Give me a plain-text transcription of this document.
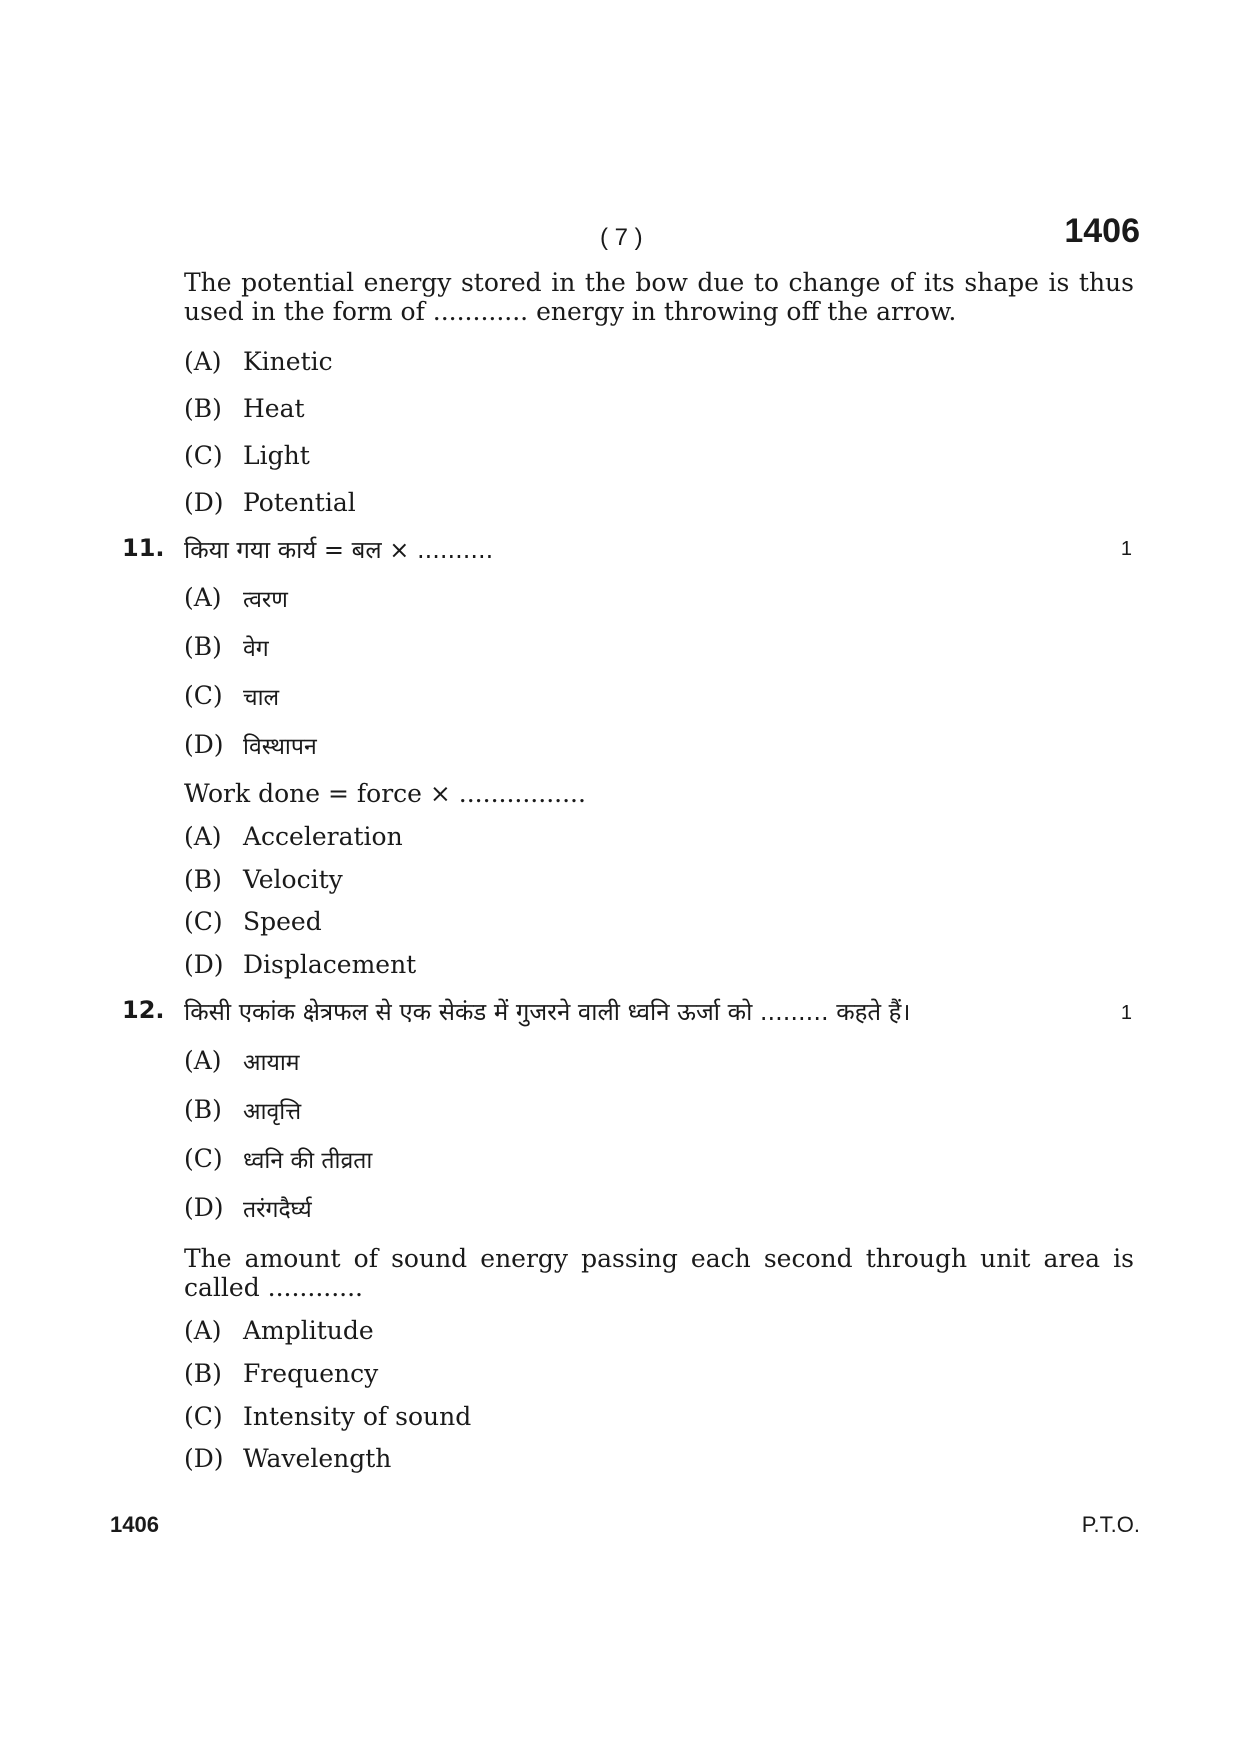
( 7 )	1406
The potential energy stored in the bow due to change of its shape is thus used in the form of ............ energy in throwing off the arrow.
(A) Kinetic
(B) Heat
(C) Light
(D) Potential
11. किया गया कार्य = बल × ..........	1
(A) त्वरण
(B) वेग
(C) चाल
(D) विस्थापन
Work done = force × ................
(A) Acceleration
(B) Velocity
(C) Speed
(D) Displacement
12. किसी एकांक क्षेत्रफल से एक सेकंड में गुजरने वाली ध्वनि ऊर्जा को ......... कहते हैं।	1
(A) आयाम
(B) आवृत्ति
(C) ध्वनि की तीव्रता
(D) तरंगदैर्घ्य
The amount of sound energy passing each second through unit area is called ............
(A) Amplitude
(B) Frequency
(C) Intensity of sound
(D) Wavelength
1406	P.T.O.
